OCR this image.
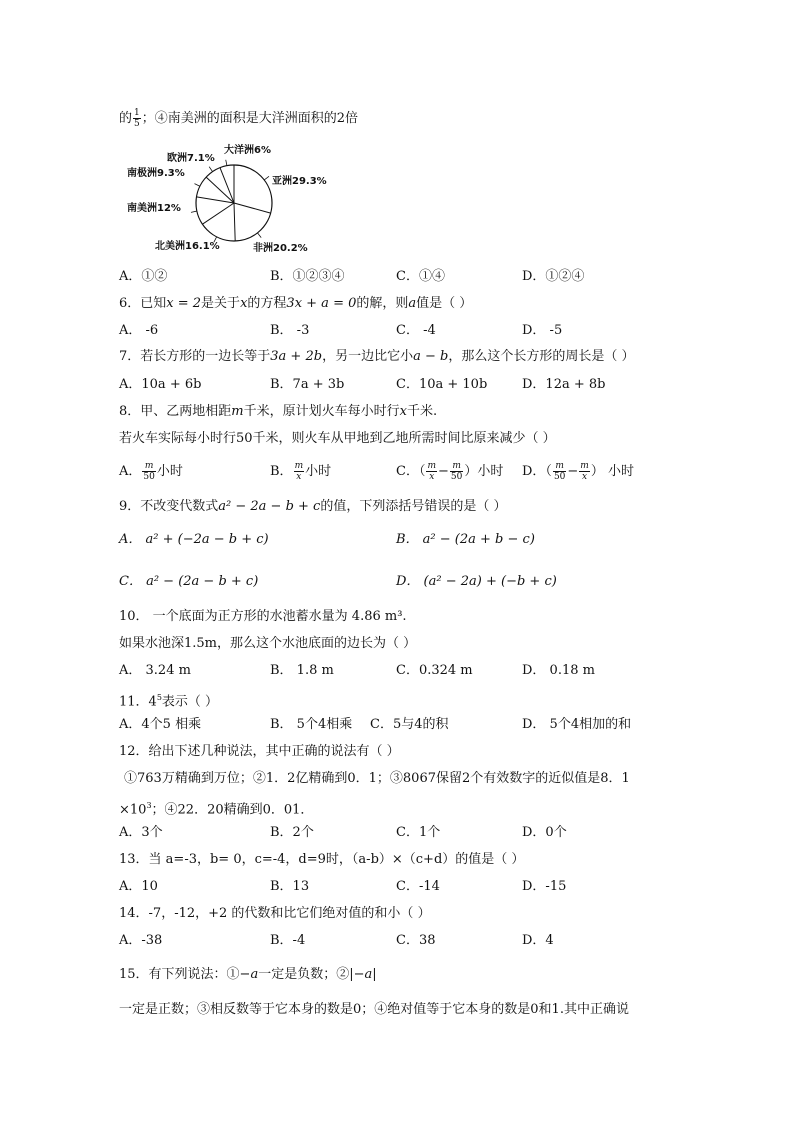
的 $\frac{1}{5}$ ；④南美洲的面积是大洋洲面积的2倍
亚洲29.3%
非洲20.2%
北美洲16.1%
南美洲12%
南极洲9.3%
欧洲7.1%
大洋洲6%
A．①②	B．①②③④	C．①④	D．①②④
6．已知x = 2是关于x的方程3x + a = 0的解，则a值是（ ）
A． -6	B． -3	C． -4	D． -5
7．若长方形的一边长等于3a + 2b，另一边比它小a − b，那么这个长方形的周长是（ ）
A．10a + 6b	B．7a + 3b	C．10a + 10b	D．12a + 8b
8．甲、乙两地相距m千米，原计划火车每小时行x千米.
若火车实际每小时行50千米，则火车从甲地到乙地所需时间比原来减少（ ）
A． $\frac{m}{50}$ 小时	B． $\frac{m}{x}$ 小时	C．（ $\frac{m}{x} - \frac{m}{50}$ ）小时 D．（ $\frac{m}{50} - \frac{m}{x}$ ） 小时
9．不改变代数式a² − 2a − b + c的值，下列添括号错误的是（ ）
A． a² + (−2a − b + c)	B． a² − (2a + b − c)
C． a² − (2a − b + c)	D． (a² − 2a) + (−b + c)
10． 一个底面为正方形的水池蓄水量为 4.86 m³.
如果水池深1.5m，那么这个水池底面的边长为（ ）
A． 3.24 m	B． 1.8 m	C．0.324 m	D． 0.18 m
11．$4^5$表示（ ）
A．4个5 相乘	B． 5个4相乘 C．5与4的积	D． 5个4相加的和
12．给出下述几种说法，其中正确的说法有（ ）
①763万精确到万位；②1．2亿精确到0．1；③8067保留2个有效数字的近似值是8．1
$\times 10^3$；④22．20精确到0．01．
A．3个	B．2个	C．1个	D．0个
13．当 a=-3，b= 0，c=-4，d=9时，（a-b）×（c+d）的值是（ ）
A．10	B．13	C．-14	D．-15
14．-7，-12，+2 的代数和比它们绝对值的和小（ ）
A．-38	B．-4	C．38	D．4
15．有下列说法：①−a一定是负数；②|−a|
一定是正数；③相反数等于它本身的数是0；④绝对值等于它本身的数是0和1.其中正确说
